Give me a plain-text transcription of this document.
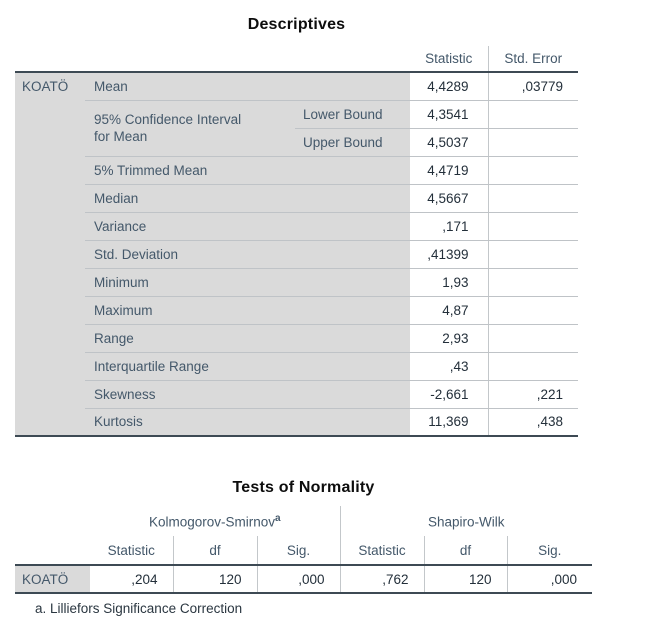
Descriptives
			Statistic	Std. Error
KOATÖ	Mean		4,4289	,03779

	95% Confidence Interval for Mean	Lower Bound	4,3541	
		Upper Bound	4,5037	
	5% Trimmed Mean		4,4719	
	Median		4,5667	
	Variance		,171	
	Std. Deviation		,41399	
	Minimum		1,93	
	Maximum		4,87	
	Range		2,93	
	Interquartile Range		,43	
	Skewness		-2,661	,221
	Kurtosis		11,369	,438
Tests of Normality
	Kolmogorov-Smirnov$^a$			Shapiro-Wilk		
	Statistic	df	Sig.	Statistic	df	Sig.
KOATÖ	,204	120	,000	,762	120	,000
a. Lilliefors Significance Correction
